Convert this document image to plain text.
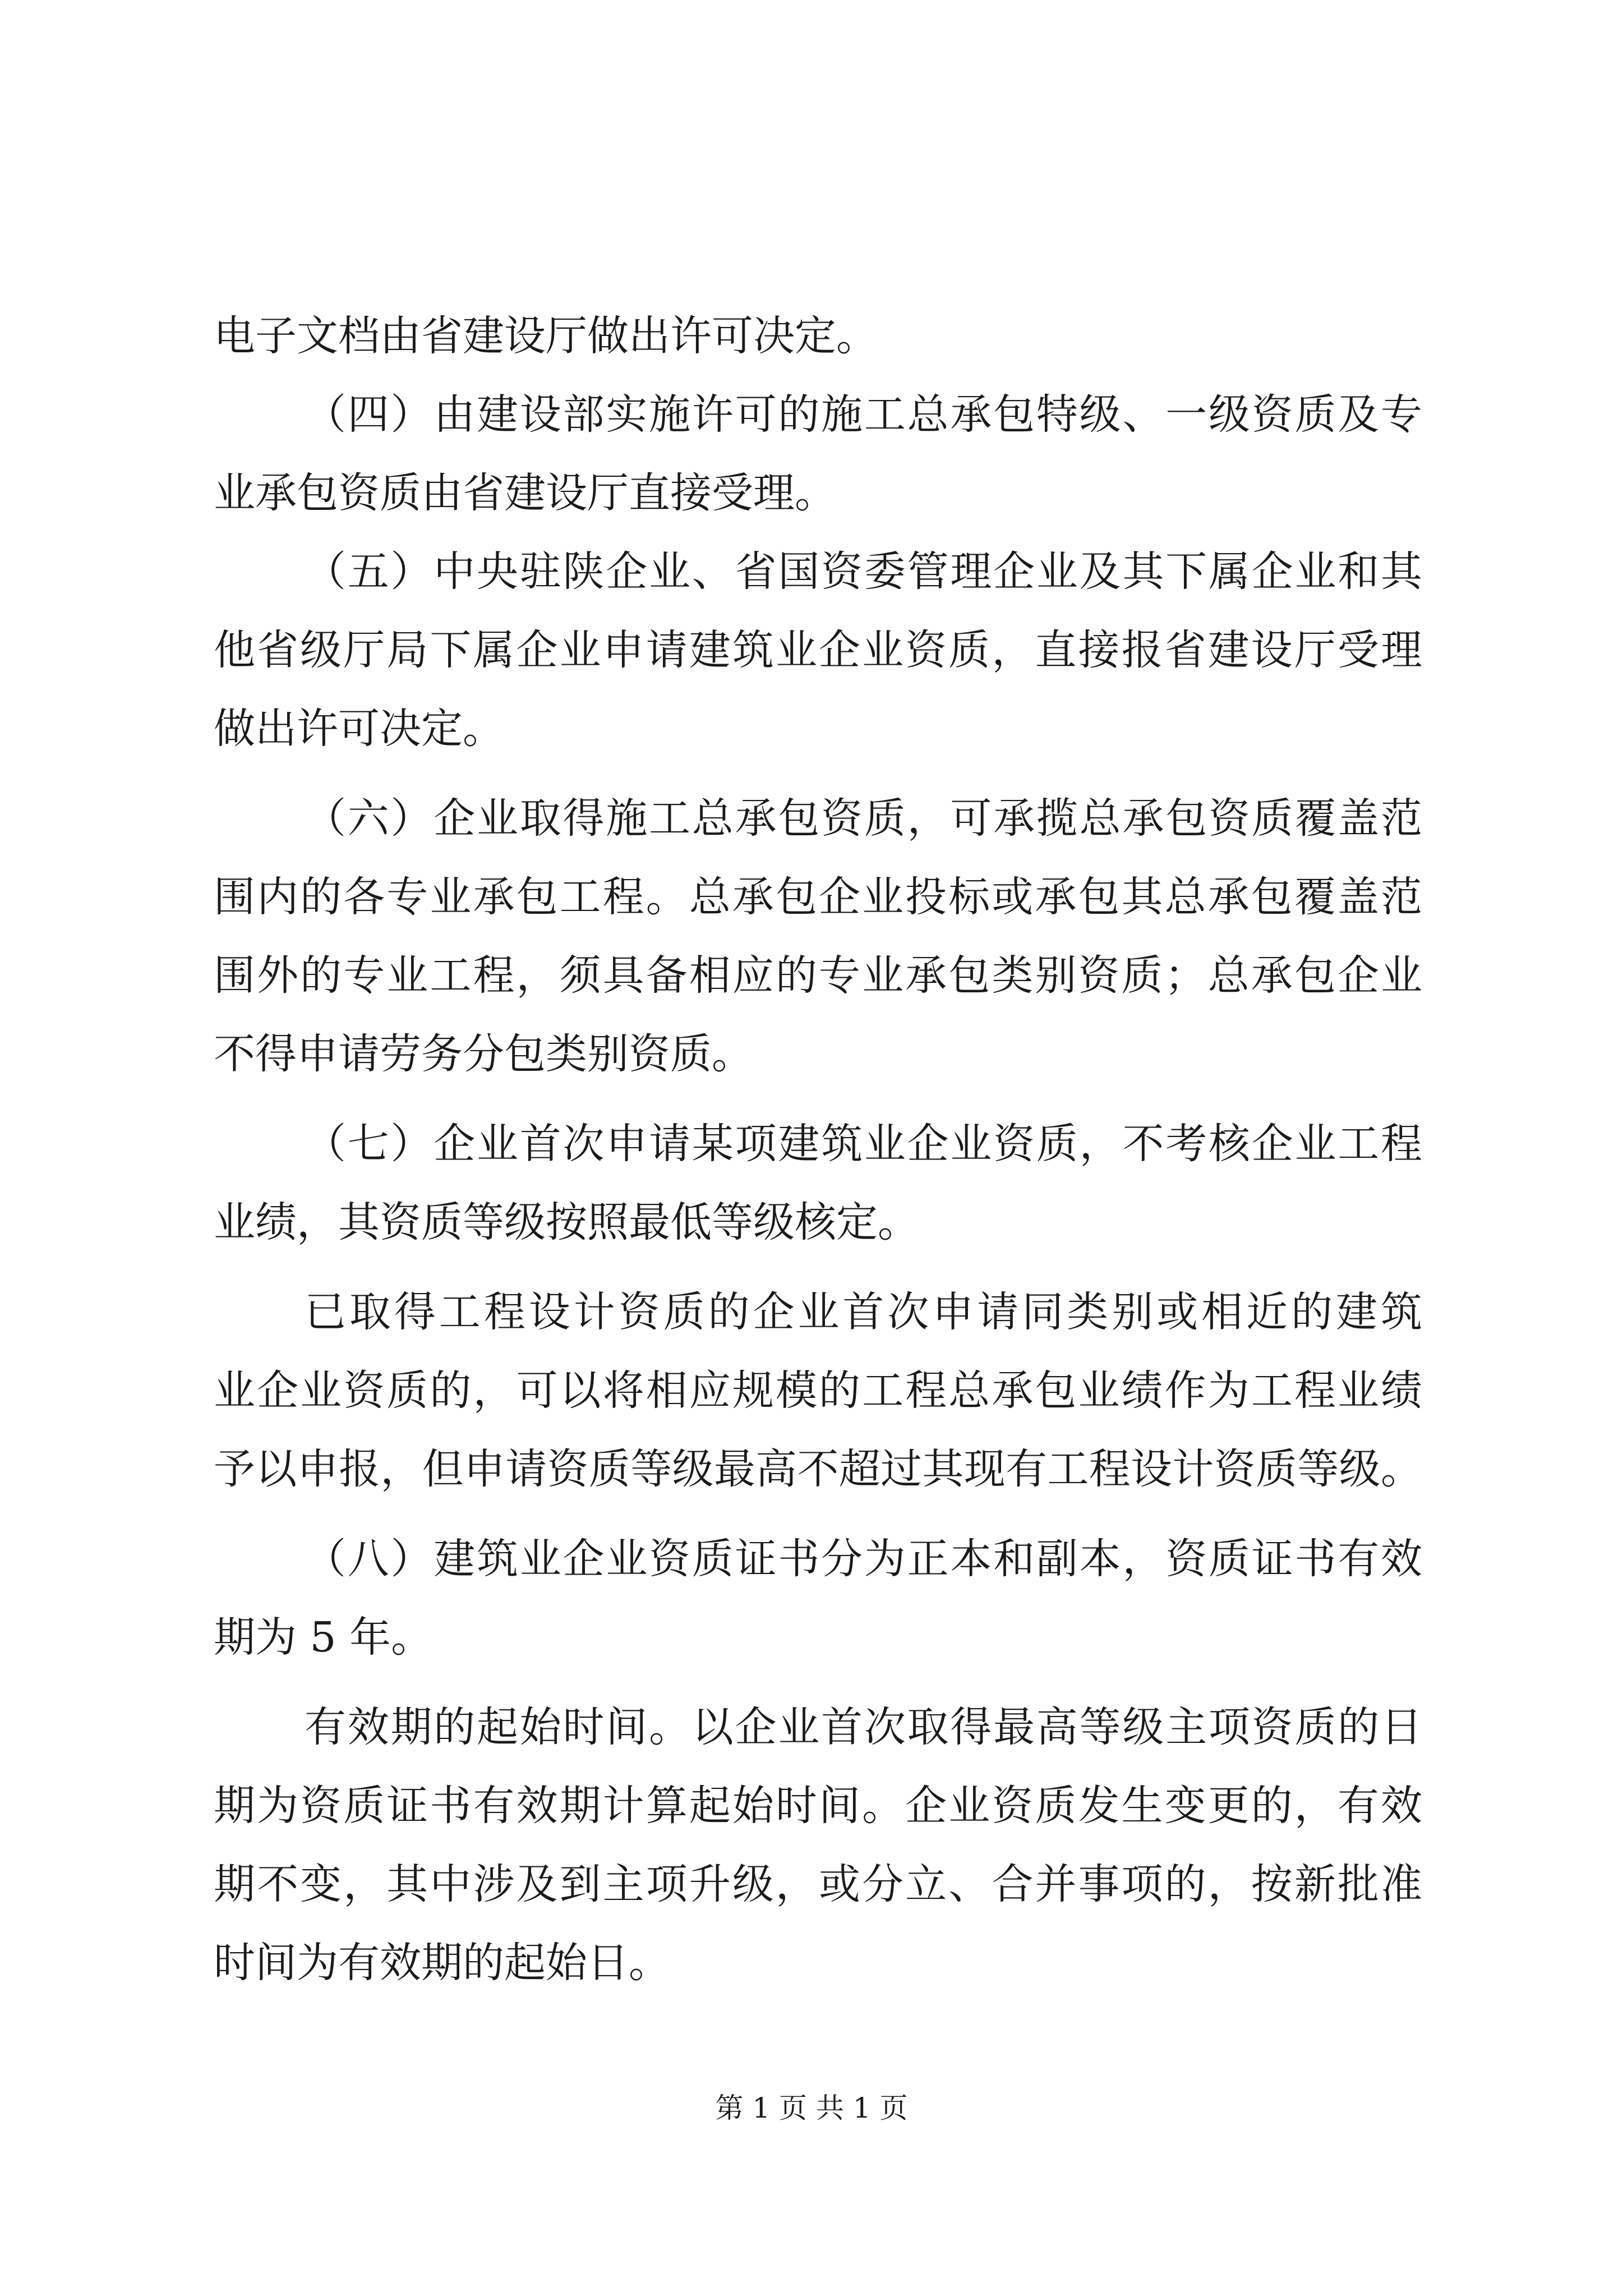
电子文档由省建设厅做出许可决定。
（四）由建设部实施许可的施工总承包特级、一级资质及专
业承包资质由省建设厅直接受理。
（五）中央驻陕企业、省国资委管理企业及其下属企业和其
他省级厅局下属企业申请建筑业企业资质，直接报省建设厅受理
做出许可决定。
（六）企业取得施工总承包资质，可承揽总承包资质覆盖范
围内的各专业承包工程。总承包企业投标或承包其总承包覆盖范
围外的专业工程，须具备相应的专业承包类别资质；总承包企业
不得申请劳务分包类别资质。
（七）企业首次申请某项建筑业企业资质，不考核企业工程
业绩，其资质等级按照最低等级核定。
已取得工程设计资质的企业首次申请同类别或相近的建筑
业企业资质的，可以将相应规模的工程总承包业绩作为工程业绩
予以申报，但申请资质等级最高不超过其现有工程设计资质等级。
（八）建筑业企业资质证书分为正本和副本，资质证书有效
期为 5 年。
有效期的起始时间。以企业首次取得最高等级主项资质的日
期为资质证书有效期计算起始时间。企业资质发生变更的，有效
期不变，其中涉及到主项升级，或分立、合并事项的，按新批准
时间为有效期的起始日。
第 1 页 共 1 页
